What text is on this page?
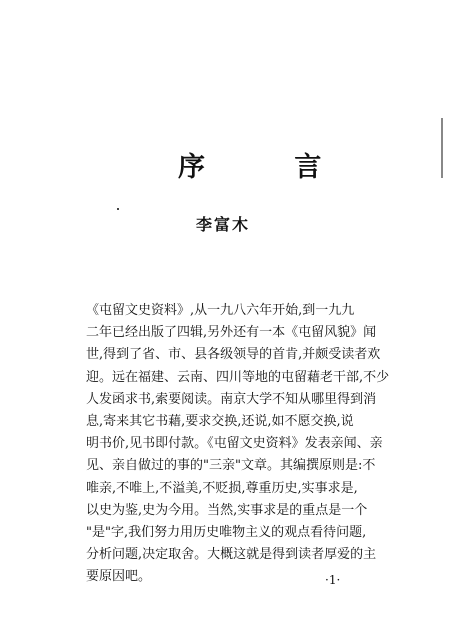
序 言
李富木
《屯留文史资料》,从一九八六年开始,到一九九
二年已经出版了四辑,另外还有一本《屯留风貌》闻
世,得到了省、市、县各级领导的首肯,并颇受读者欢
迎。远在福建、云南、四川等地的屯留藉老干部,不少
人发函求书,索要阅读。南京大学不知从哪里得到消
息,寄来其它书藉,要求交换,还说,如不愿交换,说
明书价,见书即付款。《屯留文史资料》发表亲闻、亲
见、亲自做过的事的"三亲"文章。其编撰原则是:不
唯亲,不唯上,不溢美,不贬损,尊重历史,实事求是,
以史为鉴,史为今用。当然,实事求是的重点是一个
"是"字,我们努力用历史唯物主义的观点看待问题,
分析问题,决定取舍。大概这就是得到读者厚爱的主
要原因吧。	·1·
